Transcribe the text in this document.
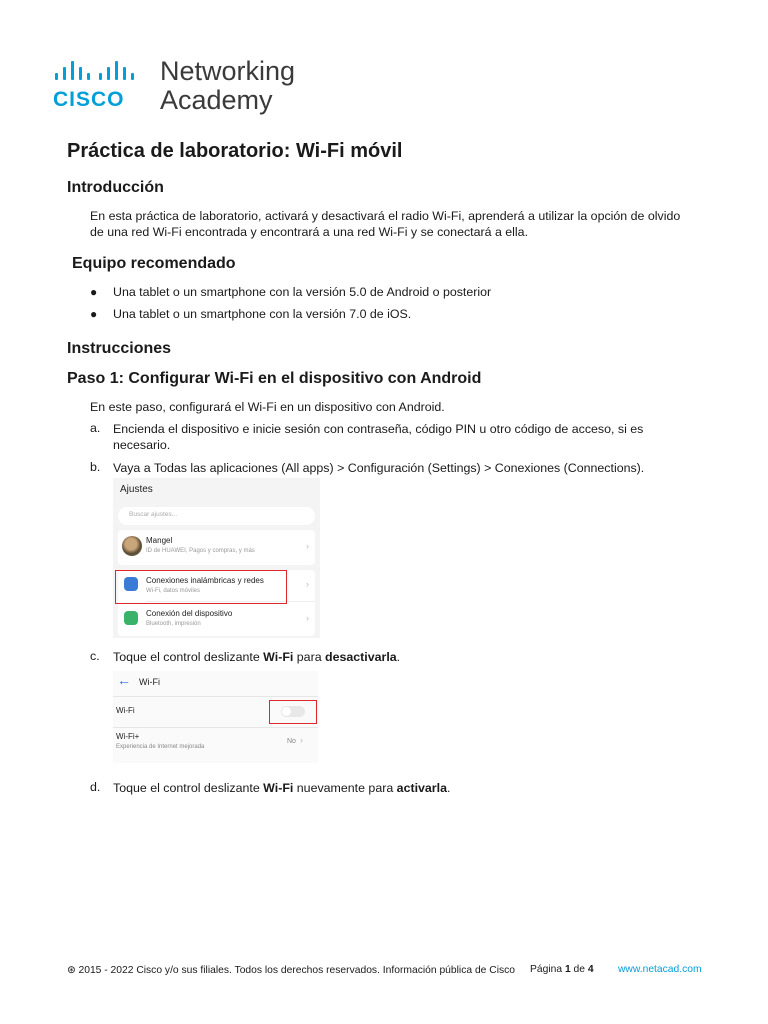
CISCO
Networking
Academy
Práctica de laboratorio: Wi-Fi móvil
Introducción
En esta práctica de laboratorio, activará y desactivará el radio Wi-Fi, aprenderá a utilizar la opción de olvido
de una red Wi-Fi encontrada y encontrará a una red Wi-Fi y se conectará a ella.
Equipo recomendado
● Una tablet o un smartphone con la versión 5.0 de Android o posterior
● Una tablet o un smartphone con la versión 7.0 de iOS.
Instrucciones
Paso 1: Configurar Wi-Fi en el dispositivo con Android
En este paso, configurará el Wi-Fi en un dispositivo con Android.
a. Encienda el dispositivo e inicie sesión con contraseña, código PIN u otro código de acceso, si es
necesario.
b. Vaya a Todas las aplicaciones (All apps) > Configuración (Settings) > Conexiones (Connections).
Ajustes
Buscar ajustes...
Mangel
ID de HUAWEI, Pagos y compras, y más	›
Conexiones inalámbricas y redes
Wi-Fi, datos móviles
›
Conexión del dispositivo
Bluetooth, impresión
›
c. Toque el control deslizante Wi-Fi para desactivarla.
← Wi-Fi
Wi-Fi
Wi-Fi+
Experiencia de Internet mejorada
No ›
d. Toque el control deslizante Wi-Fi nuevamente para activarla.
⊛ 2015 - 2022 Cisco y/o sus filiales. Todos los derechos reservados. Información pública de Cisco Página 1 de 4 www.netacad.com
